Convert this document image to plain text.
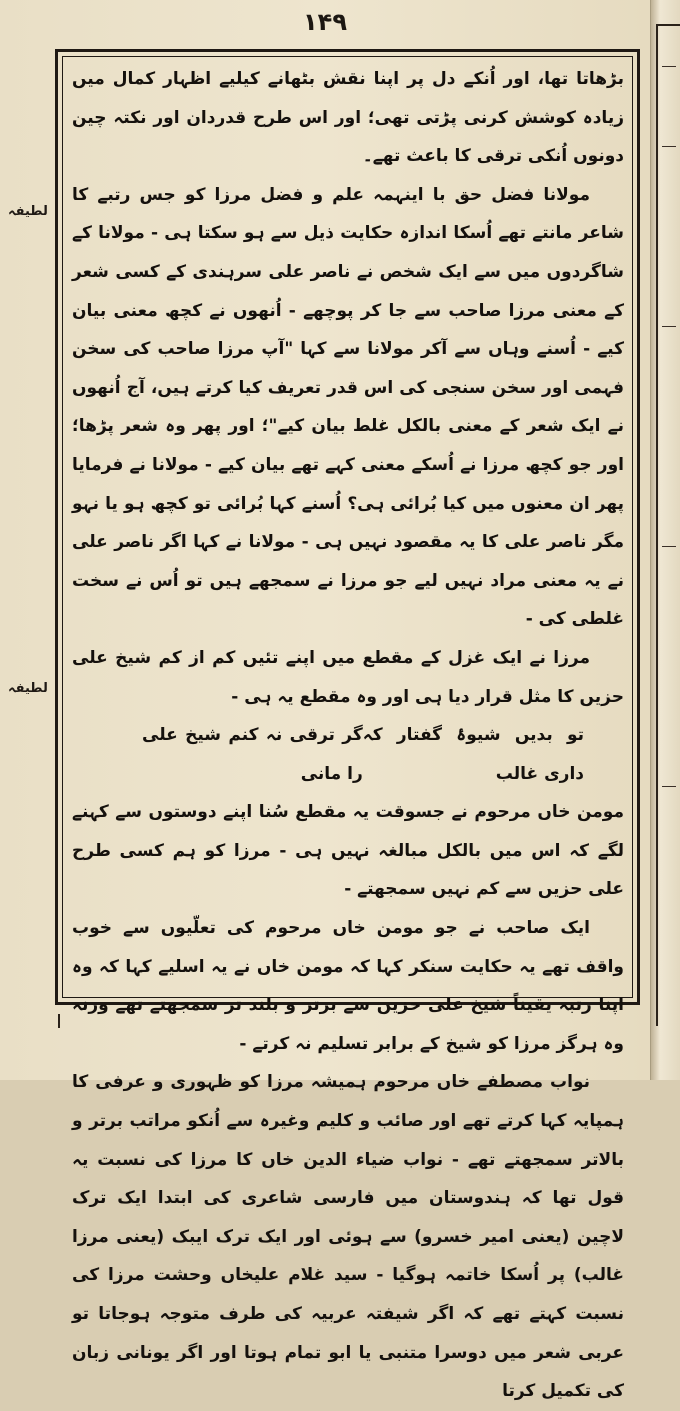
۱۴۹
لطیفہ
لطیفہ

بڑھاتا تھا، اور اُنکے دل پر اپنا نقش بٹھانے کیلیے اظہار کمال میں زیادہ کوشش کرنی پڑتی تھی؛ اور اس طرح قدردان اور نکتہ چین دونوں اُنکی ترقی کا باعث تھے۔

مولانا فضل حق با اینہمہ علم و فضل مرزا کو جس رتبے کا شاعر مانتے تھے اُسکا اندازہ حکایت ذیل سے ہو سکتا ہی - مولانا کے شاگردوں میں سے ایک شخص نے ناصر علی سرہندی کے کسی شعر کے معنی مرزا صاحب سے جا کر پوچھے - اُنھوں نے کچھ معنی بیان کیے - اُسنے وہاں سے آکر مولانا سے کہا "آپ مرزا صاحب کی سخن فہمی اور سخن سنجی کی اس قدر تعریف کیا کرتے ہیں، آج اُنھوں نے ایک شعر کے معنی بالکل غلط بیان کیے"؛ اور پھر وہ شعر پڑھا؛ اور جو کچھ مرزا نے اُسکے معنی کہے تھے بیان کیے - مولانا نے فرمایا پھر ان معنوں میں کیا بُرائی ہی؟ اُسنے کہا بُرائی تو کچھ ہو یا نہو مگر ناصر علی کا یہ مقصود نہیں ہی - مولانا نے کہا اگر ناصر علی نے یہ معنی مراد نہیں لیے جو مرزا نے سمجھے ہیں تو اُس نے سخت غلطی کی -

مرزا نے ایک غزل کے مقطع میں اپنے تئیں کم از کم شیخ علی حزیں کا مثل قرار دیا ہی اور وہ مقطع یہ ہی -

تو بدیں شیوۂ گفتار کہ داری غالب
گر ترقی نہ کنم شیخ علی را مانی

مومن خاں مرحوم نے جسوقت یہ مقطع سُنا اپنے دوستوں سے کہنے لگے کہ اس میں بالکل مبالغہ نہیں ہی - مرزا کو ہم کسی طرح علی حزیں سے کم نہیں سمجھتے -

ایک صاحب نے جو مومن خاں مرحوم کی تعلّیوں سے خوب واقف تھے یہ حکایت سنکر کہا کہ مومن خاں نے یہ اسلیے کہا کہ وہ اپنا رتبہ یقیناً شیخ علی حزیں سے برتر و بلند تر سمجھتے تھے ورنہ وہ ہرگز مرزا کو شیخ کے برابر تسلیم نہ کرتے -

نواب مصطفے خاں مرحوم ہمیشہ مرزا کو ظہوری و عرفی کا ہمپایہ کہا کرتے تھے اور صائب و کلیم وغیرہ سے اُنکو مراتب برتر و بالاتر سمجھتے تھے - نواب ضیاء الدین خاں کا مرزا کی نسبت یہ قول تھا کہ ہندوستان میں فارسی شاعری کی ابتدا ایک ترک لاچین (یعنی امیر خسرو) سے ہوئی اور ایک ترک ایبک (یعنی مرزا غالب) پر اُسکا خاتمہ ہوگیا - سید غلام علیخاں وحشت مرزا کی نسبت کہتے تھے کہ اگر شیفتہ عربیہ کی طرف متوجہ ہوجاتا تو عربی شعر میں دوسرا متنبی یا ابو تمام ہوتا اور اگر یونانی زبان کی تکمیل کرتا
